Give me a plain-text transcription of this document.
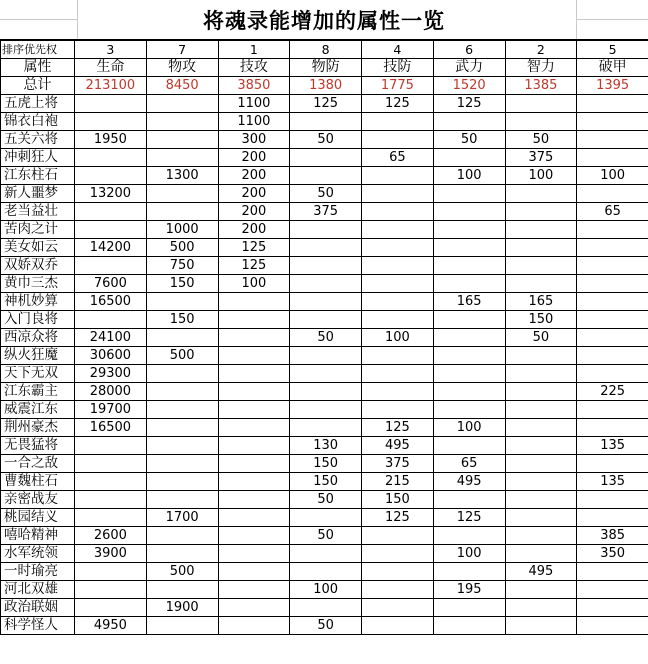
将魂录能增加的属性一览
排序优先权	3	7	1	8	4	6	2	5
属性	生命	物攻	技攻	物防	技防	武力	智力	破甲
总计	213100	8450	3850	1380	1775	1520	1385	1395
五虎上将			1100	125	125	125		
锦衣白袍			1100					
五关六将	1950		300	50		50	50	
冲刺狂人			200		65		375	
江东柱石		1300	200			100	100	100
新人噩梦	13200		200	50				
老当益壮			200	375				65
苦肉之计		1000	200					
美女如云	14200	500	125					
双娇双乔		750	125					
黄巾三杰	7600	150	100					
神机妙算	16500					165	165	
入门良将		150					150	
西凉众将	24100			50	100		50	
纵火狂魔	30600	500						
天下无双	29300							
江东霸主	28000							225
威震江东	19700							
荆州豪杰	16500				125	100		
无畏猛将				130	495			135
一合之敌				150	375	65		
曹魏柱石				150	215	495		135
亲密战友				50	150			
桃园结义		1700			125	125		
嘻哈精神	2600			50				385
水军统领	3900					100		350
一时瑜亮		500					495	
河北双雄				100		195		
政治联姻		1900						
科学怪人	4950			50				
